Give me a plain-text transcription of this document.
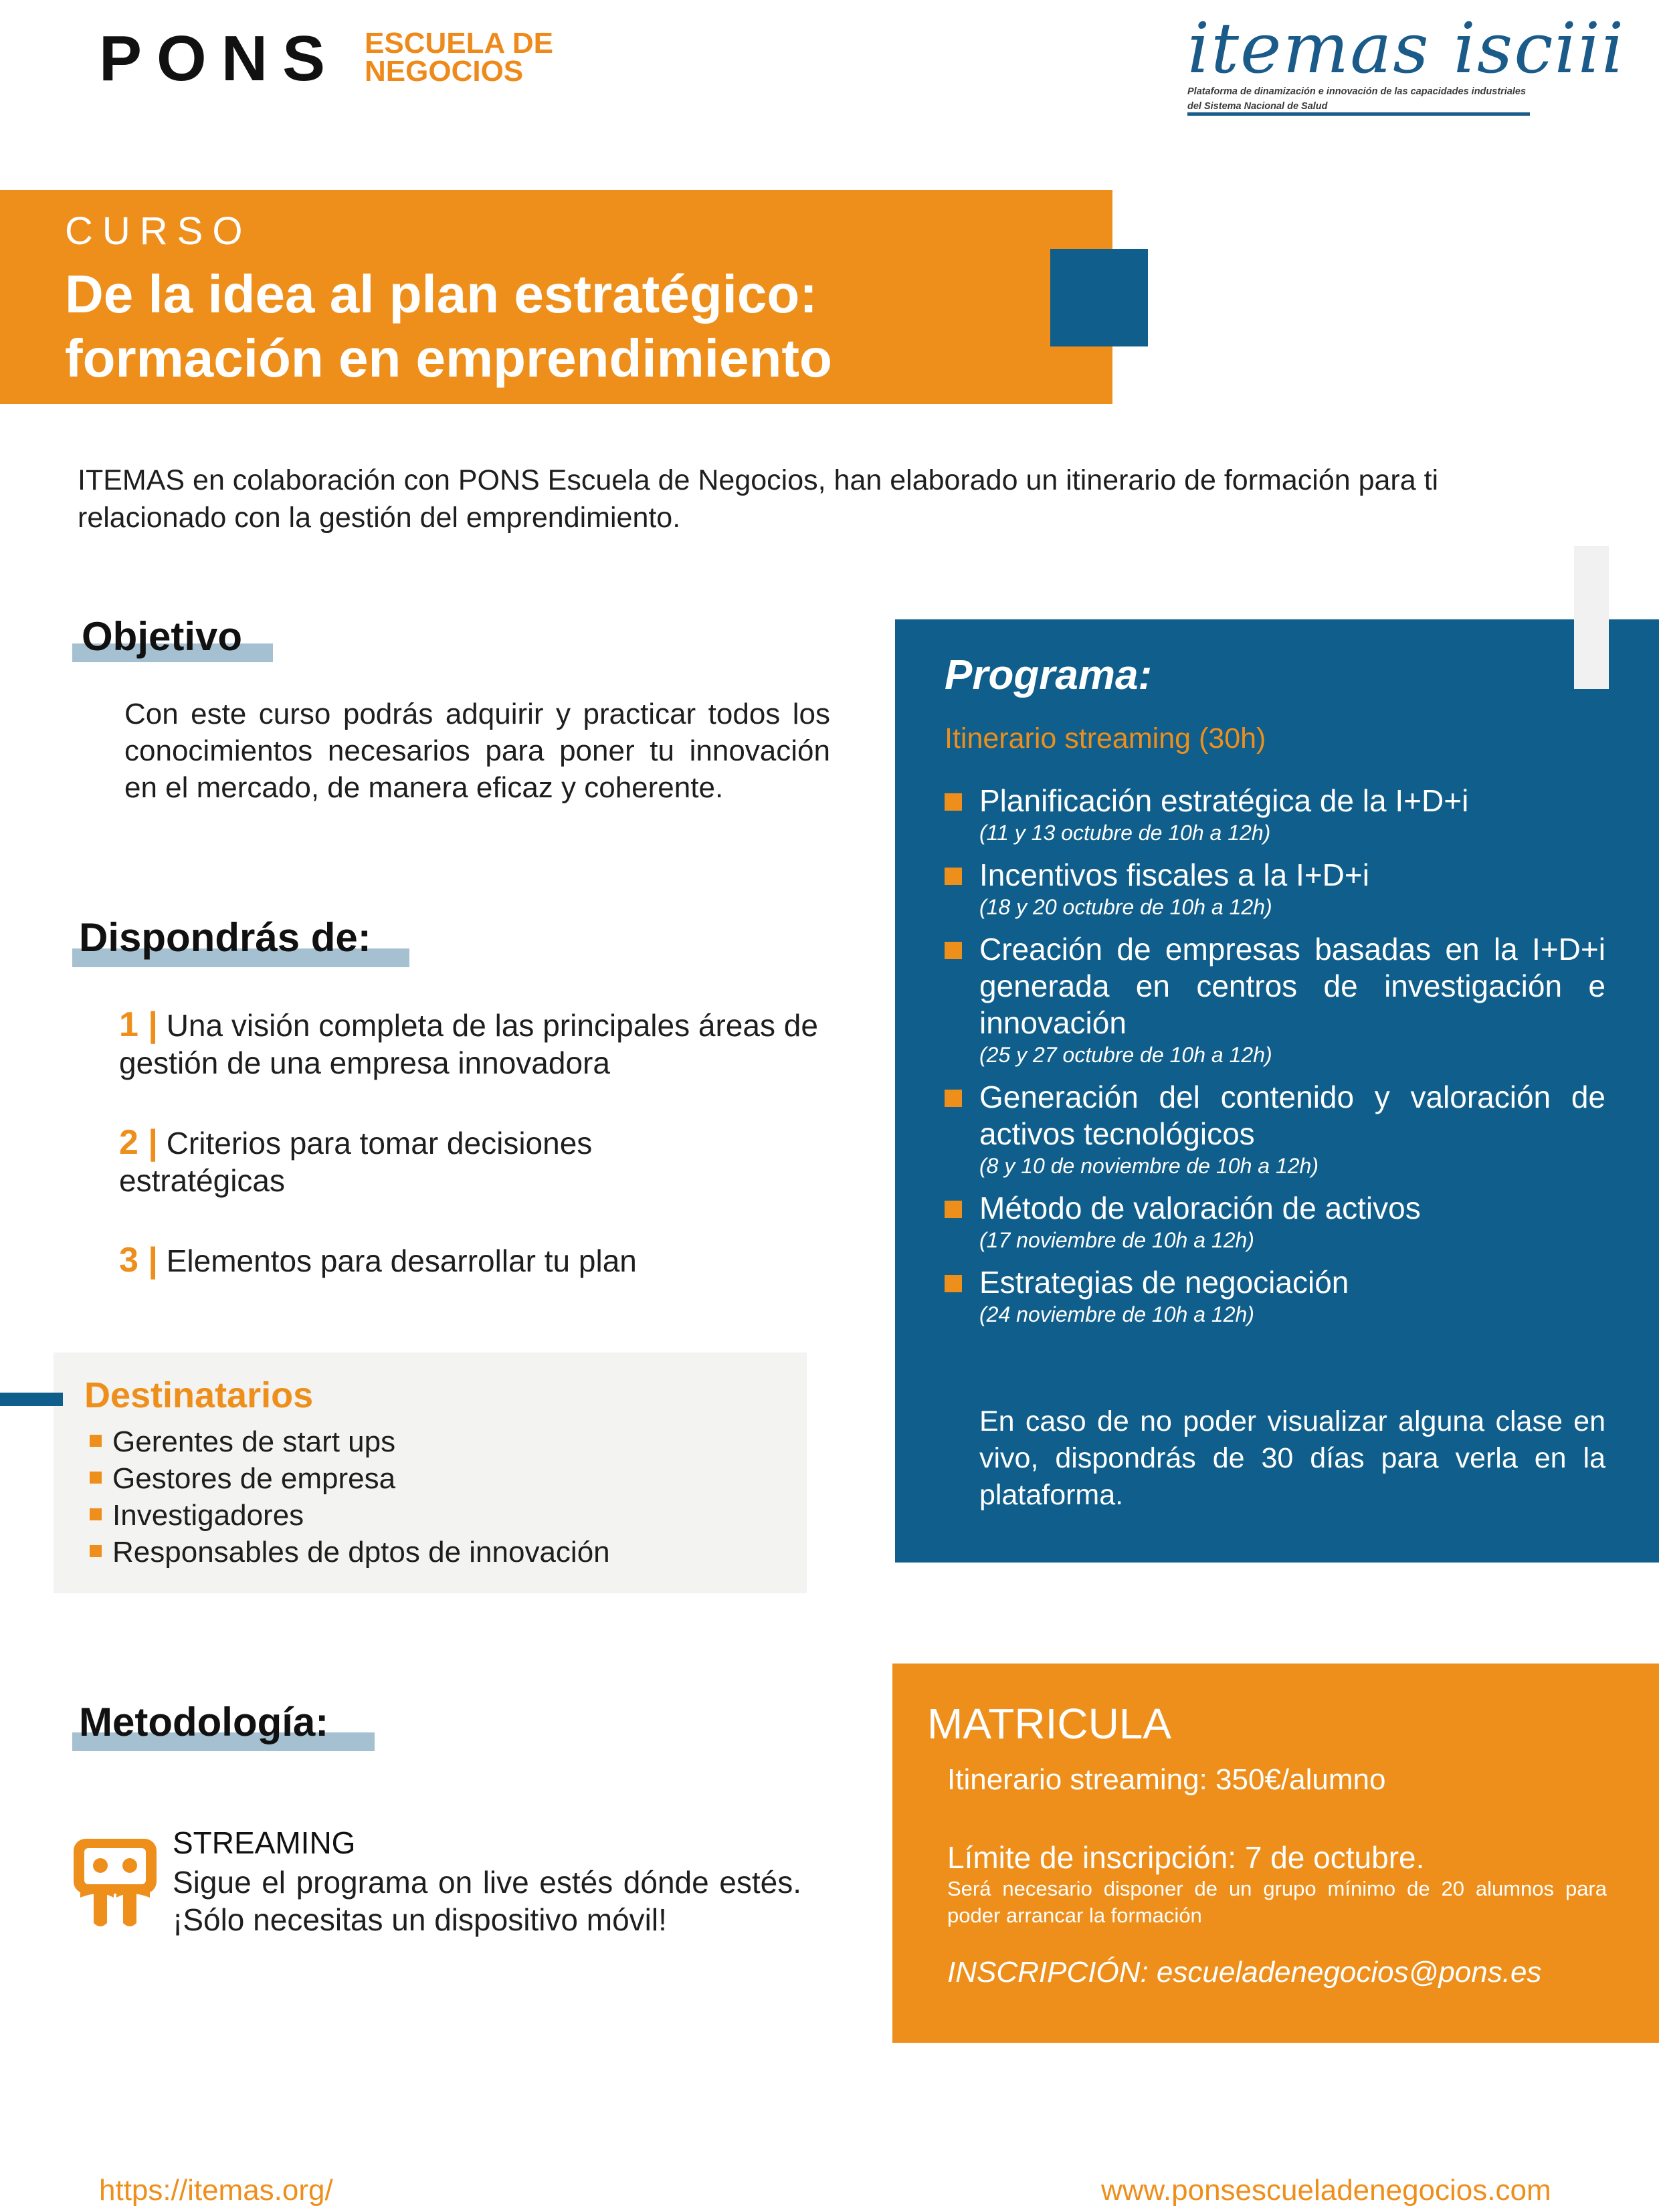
PONS ESCUELA DE
NEGOCIOS	itemas isciii
Plataforma de dinamización e innovación de las capacidades industriales del Sistema Nacional de Salud
CURSO
De la idea al plan estratégico:
formación en emprendimiento
ITEMAS en colaboración con PONS Escuela de Negocios, han elaborado un itinerario de formación para ti relacionado con la gestión del emprendimiento.
Objetivo
Con este curso podrás adquirir y practicar todos los conocimientos necesarios para poner tu innovación en el mercado, de manera eficaz y coherente.
Dispondrás de:
1 | Una visión completa de las principales áreas de gestión de una empresa innovadora
2 | Criterios para tomar decisiones estratégicas
3 | Elementos para desarrollar tu plan
Destinatarios
Gerentes de start ups
Gestores de empresa
Investigadores
Responsables de dptos de innovación
Programa:
Itinerario streaming (30h)
Planificación estratégica de la I+D+i
(11 y 13 octubre de 10h a 12h)
Incentivos fiscales a la I+D+i
(18 y 20 octubre de 10h a 12h)
Creación de empresas basadas en la I+D+i generada en centros de investigación e innovación
(25 y 27 octubre de 10h a 12h)
Generación del contenido y valoración de activos tecnológicos
(8 y 10 de noviembre de 10h a 12h)
Método de valoración de activos
(17 noviembre de 10h a 12h)
Estrategias de negociación
(24 noviembre de 10h a 12h)
En caso de no poder visualizar alguna clase en vivo, dispondrás de 30 días para verla en la plataforma.
Metodología:
STREAMING
Sigue el programa on live estés dónde estés. ¡Sólo necesitas un dispositivo móvil!
MATRICULA
Itinerario streaming: 350€/alumno
Límite de inscripción: 7 de octubre.
Será necesario disponer de un grupo mínimo de 20 alumnos para poder arrancar la formación
INSCRIPCIÓN: escueladenegocios@pons.es
https://itemas.org/	www.ponsescueladenegocios.com
